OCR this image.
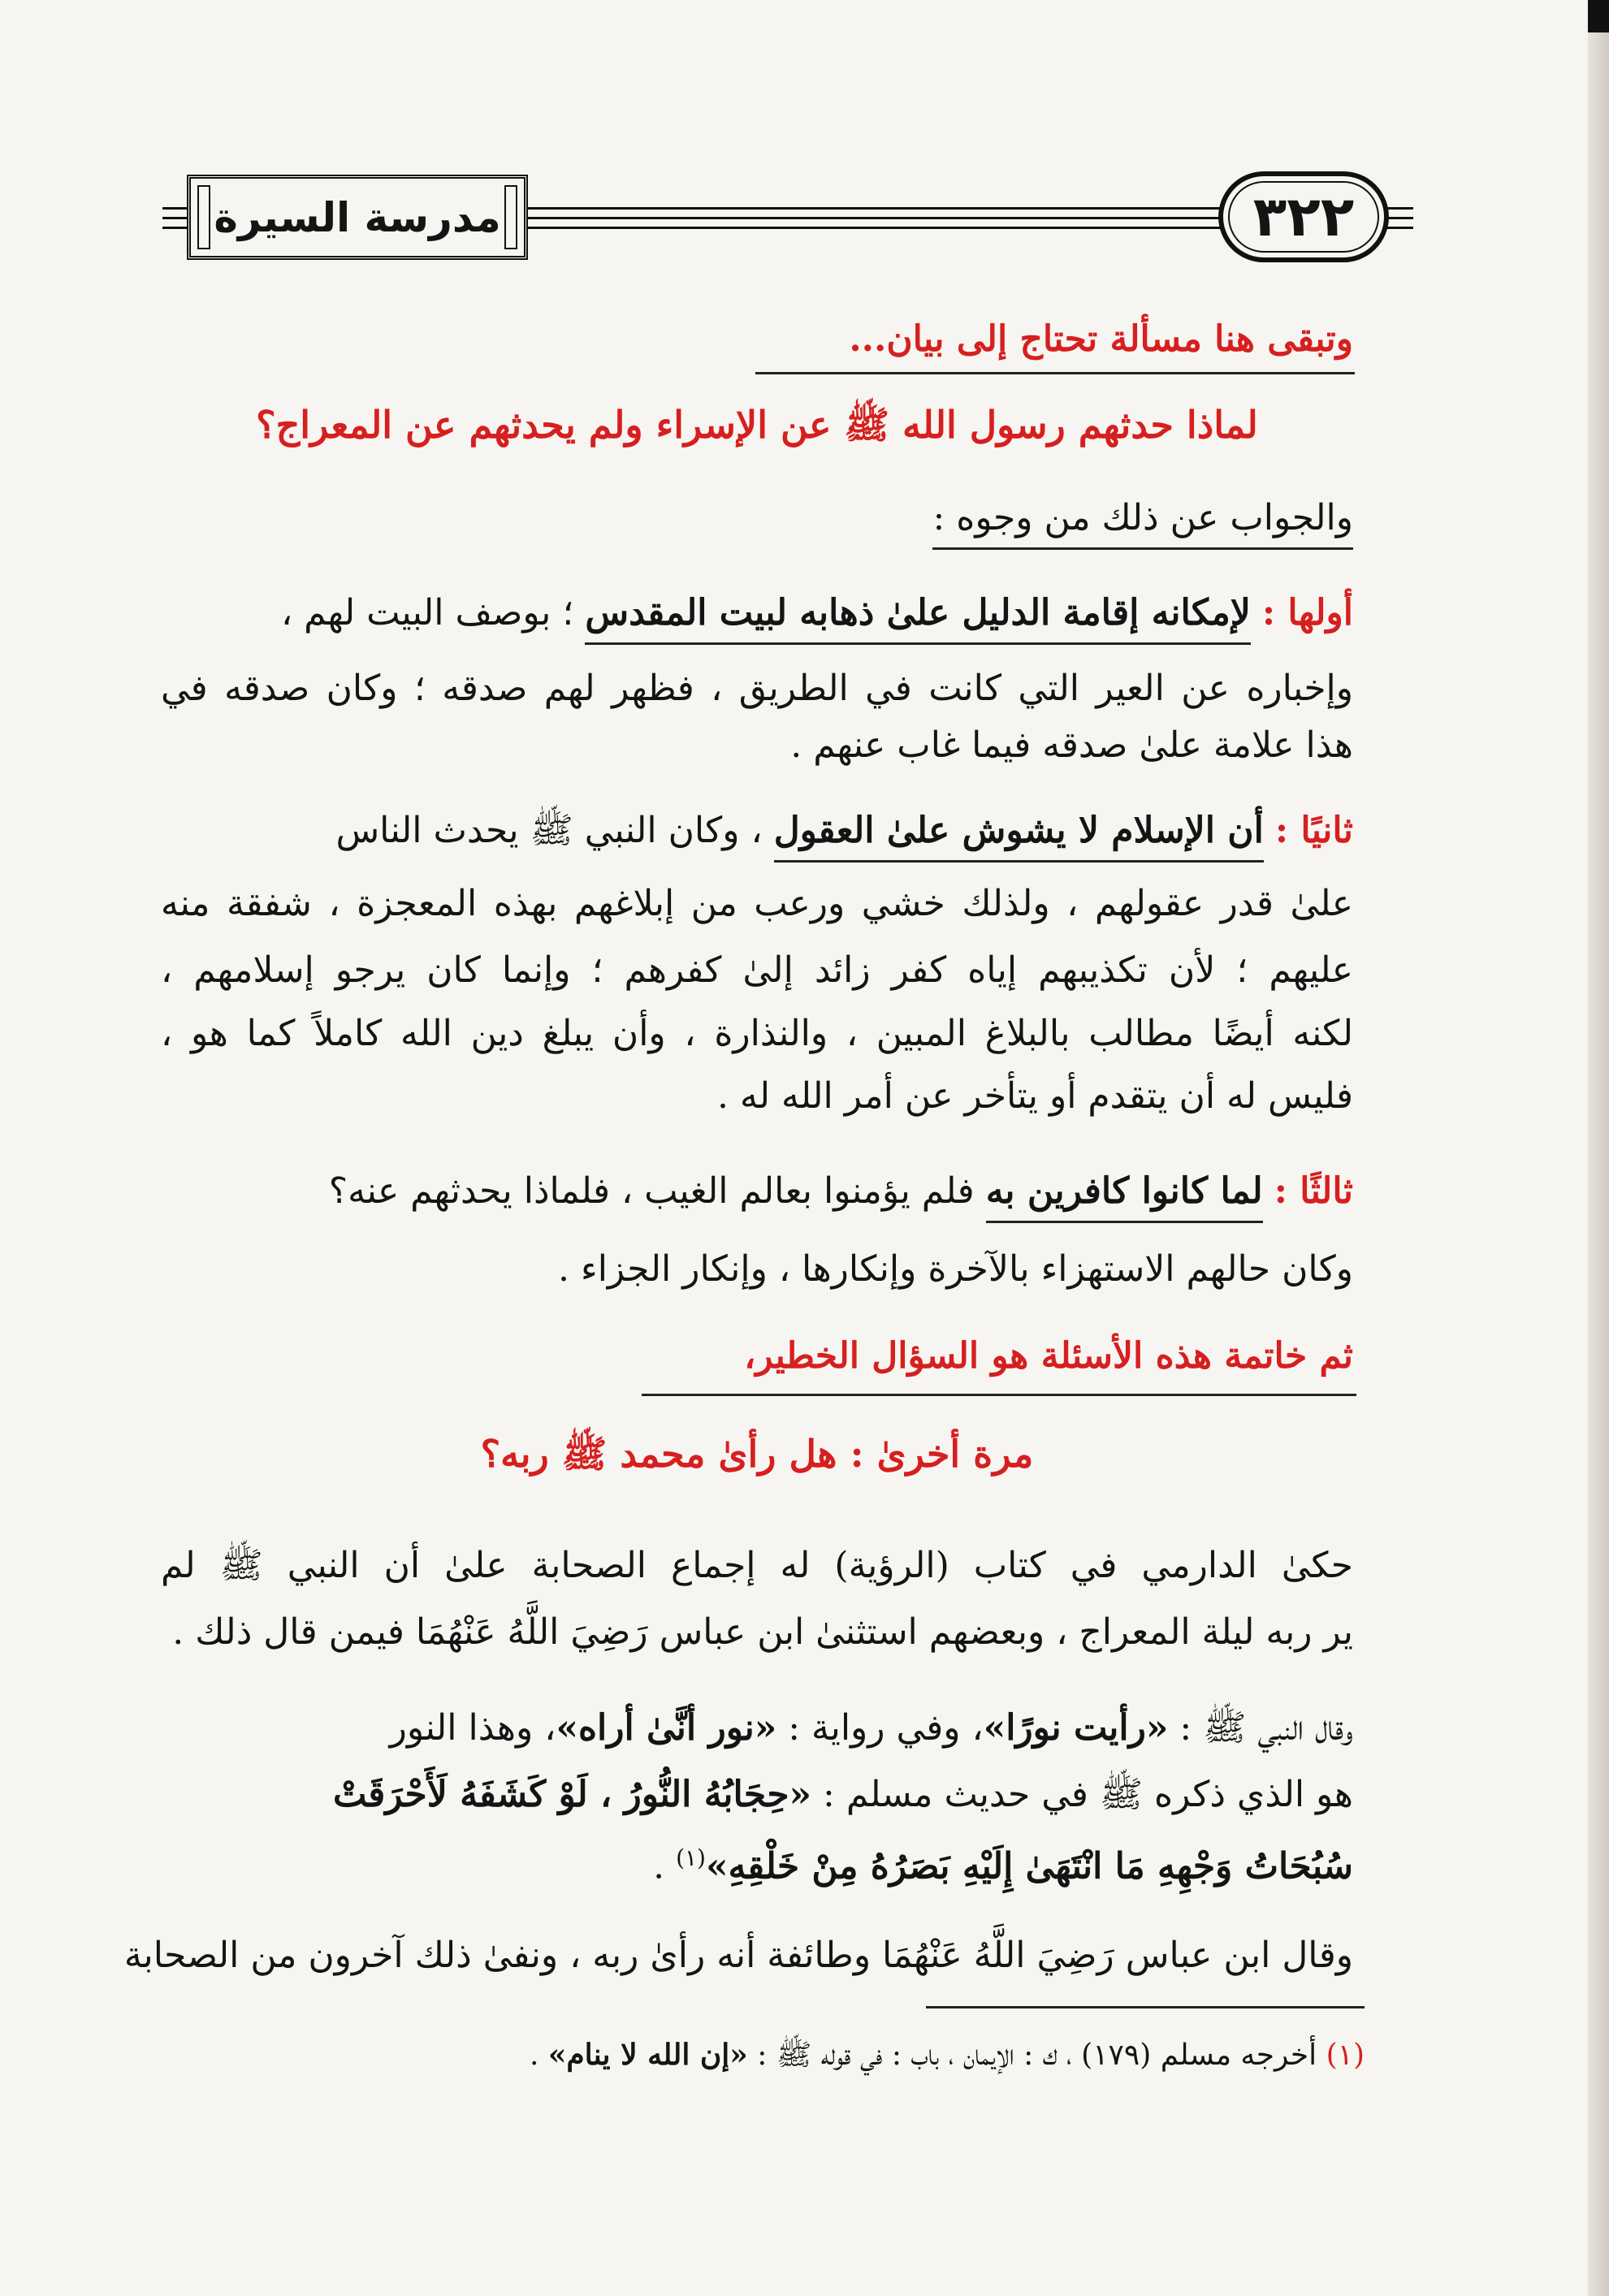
مدرسة السيرة	٣٢٢
وتبقى هنا مسألة تحتاج إلى بيان...
لماذا حدثهم رسول الله ﷺ عن الإسراء ولم يحدثهم عن المعراج؟
والجواب عن ذلك من وجوه :
أولها : لإمكانه إقامة الدليل علىٰ ذهابه لبيت المقدس ؛ بوصف البيت لهم ،
وإخباره عن العير التي كانت في الطريق ، فظهر لهم صدقه ؛ وكان صدقه في
هذا علامة علىٰ صدقه فيما غاب عنهم .
ثانيًا : أن الإسلام لا يشوش علىٰ العقول ، وكان النبي ﷺ يحدث الناس
علىٰ قدر عقولهم ، ولذلك خشي ورعب من إبلاغهم بهذه المعجزة ، شفقة منه
عليهم ؛ لأن تكذيبهم إياه كفر زائد إلىٰ كفرهم ؛ وإنما كان يرجو إسلامهم ،
لكنه أيضًا مطالب بالبلاغ المبين ، والنذارة ، وأن يبلغ دين الله كاملاً كما هو ،
فليس له أن يتقدم أو يتأخر عن أمر الله له .
ثالثًا : لما كانوا كافرين به فلم يؤمنوا بعالم الغيب ، فلماذا يحدثهم عنه؟
وكان حالهم الاستهزاء بالآخرة وإنكارها ، وإنكار الجزاء .
ثم خاتمة هذه الأسئلة هو السؤال الخطير،
مرة أخرىٰ : هل رأىٰ محمد ﷺ ربه؟
حكىٰ الدارمي في كتاب (الرؤية) له إجماع الصحابة علىٰ أن النبي ﷺ لم
ير ربه ليلة المعراج ، وبعضهم استثنىٰ ابن عباس رَضِيَ اللَّهُ عَنْهُمَا فيمن قال ذلك .
وقال النبي ﷺ : «رأيت نورًا»، وفي رواية : «نور أنَّىٰ أراه»، وهذا النور
هو الذي ذكره ﷺ في حديث مسلم : «حِجَابُهُ النُّورُ ، لَوْ كَشَفَهُ لَأَحْرَقَتْ
سُبُحَاتُ وَجْهِهِ مَا انْتَهَىٰ إِلَيْهِ بَصَرُهُ مِنْ خَلْقِهِ»$^{(١)}$ .
وقال ابن عباس رَضِيَ اللَّهُ عَنْهُمَا وطائفة أنه رأىٰ ربه ، ونفىٰ ذلك آخرون من الصحابة
(١) أخرجه مسلم (١٧٩) ، ك : الإيمان ، باب : في قوله ﷺ : «إن الله لا ينام» .
